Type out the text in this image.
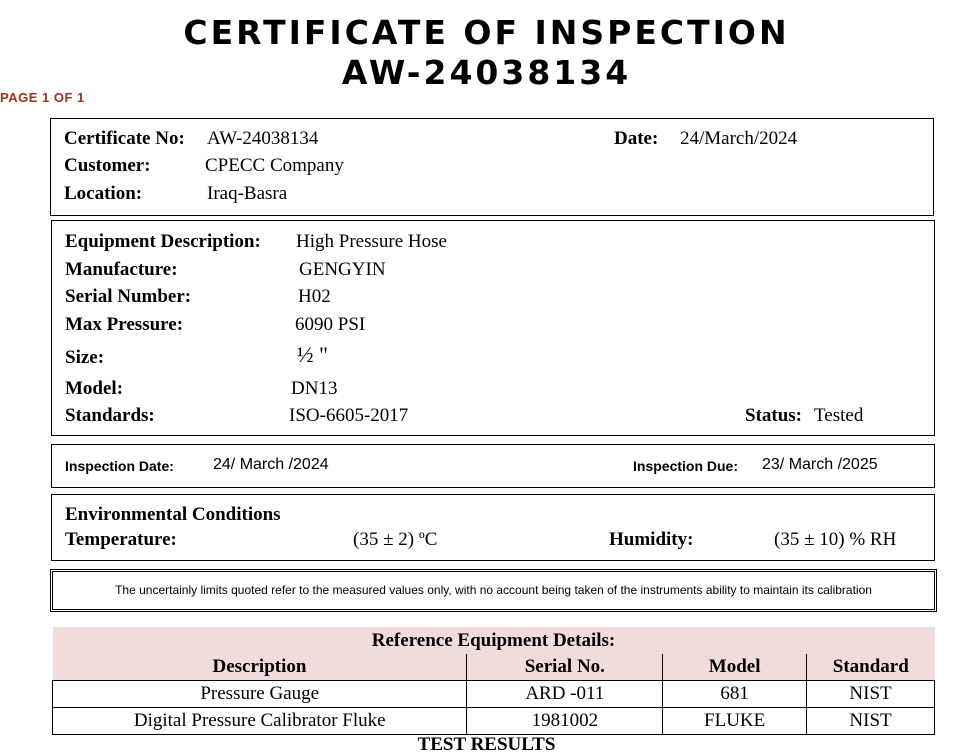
CERTIFICATE OF INSPECTION
AW-24038134
PAGE 1 OF 1
Certificate No: AW-24038134	Date: 24/March/2024
Customer:	CPECC Company
Location:	Iraq-Basra
Equipment Description: High Pressure Hose
Manufacture:	GENGYIN
Serial Number:	H02
Max Pressure:	6090 PSI
Size:	½ "
Model:	DN13
Standards:	ISO-6605-2017	Status: Tested
Inspection Date: 24/ March /2024	Inspection Due: 23/ March /2025
Environmental Conditions
Temperature:	(35 ± 2) ºC	Humidity:	(35 ± 10) % RH
The uncertainly limits quoted refer to the measured values only, with no account being taken of the instruments ability to maintain its calibration
Reference Equipment Details:			
Description	Serial No.	Model	Standard
Pressure Gauge	ARD -011	681	NIST
Digital Pressure Calibrator Fluke	1981002	FLUKE	NIST
TEST RESULTS
